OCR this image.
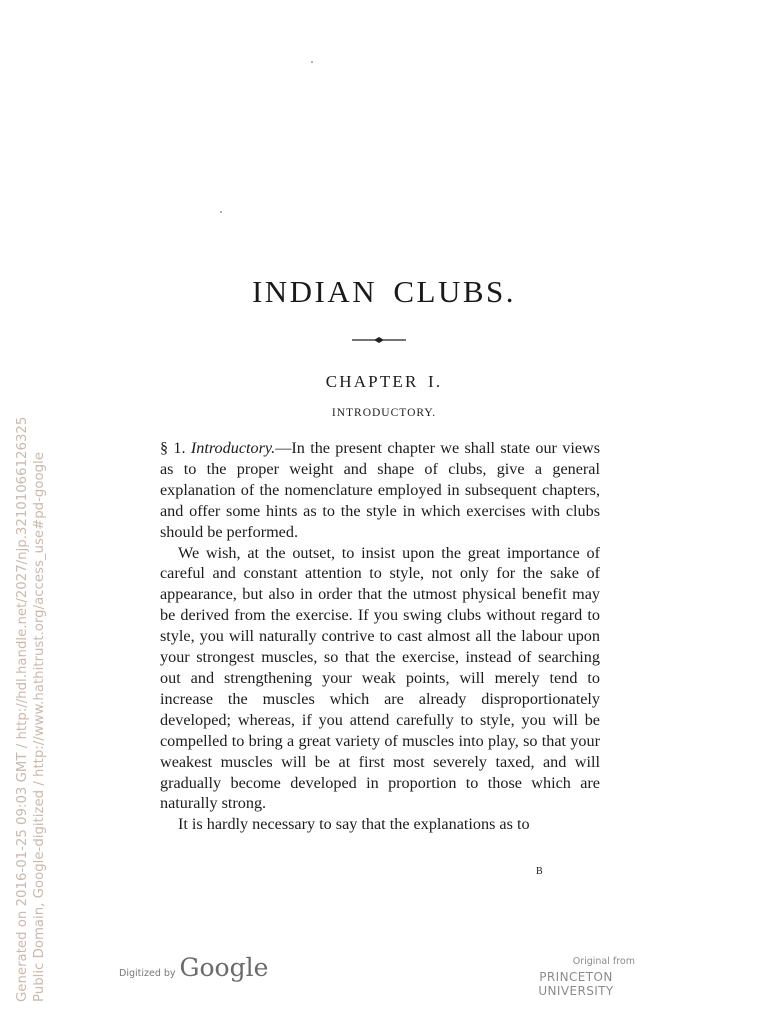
INDIAN CLUBS.
CHAPTER I.
INTRODUCTORY.

§ 1. Introductory.—In the present chapter we shall state our views as to the proper weight and shape of clubs, give a general explanation of the nomenclature employed in subsequent chapters, and offer some hints as to the style in which exercises with clubs should be performed.

We wish, at the outset, to insist upon the great importance of careful and constant attention to style, not only for the sake of appearance, but also in order that the utmost physical benefit may be derived from the exercise. If you swing clubs without regard to style, you will naturally contrive to cast almost all the labour upon your strongest muscles, so that the exercise, instead of searching out and strengthening your weak points, will merely tend to increase the muscles which are already disproportionately developed; whereas, if you attend carefully to style, you will be compelled to bring a great variety of muscles into play, so that your weakest muscles will be at first most severely taxed, and will gradually become developed in proportion to those which are naturally strong.

It is hardly necessary to say that the explanations as to

B
Generated on 2016-01-25 09:03 GMT / http://hdl.handle.net/2027/njp.32101066126325 Public Domain, Google-digitized / http://www.hathitrust.org/access_use#pd-google	Digitized by Google	Original from
PRINCETON UNIVERSITY
